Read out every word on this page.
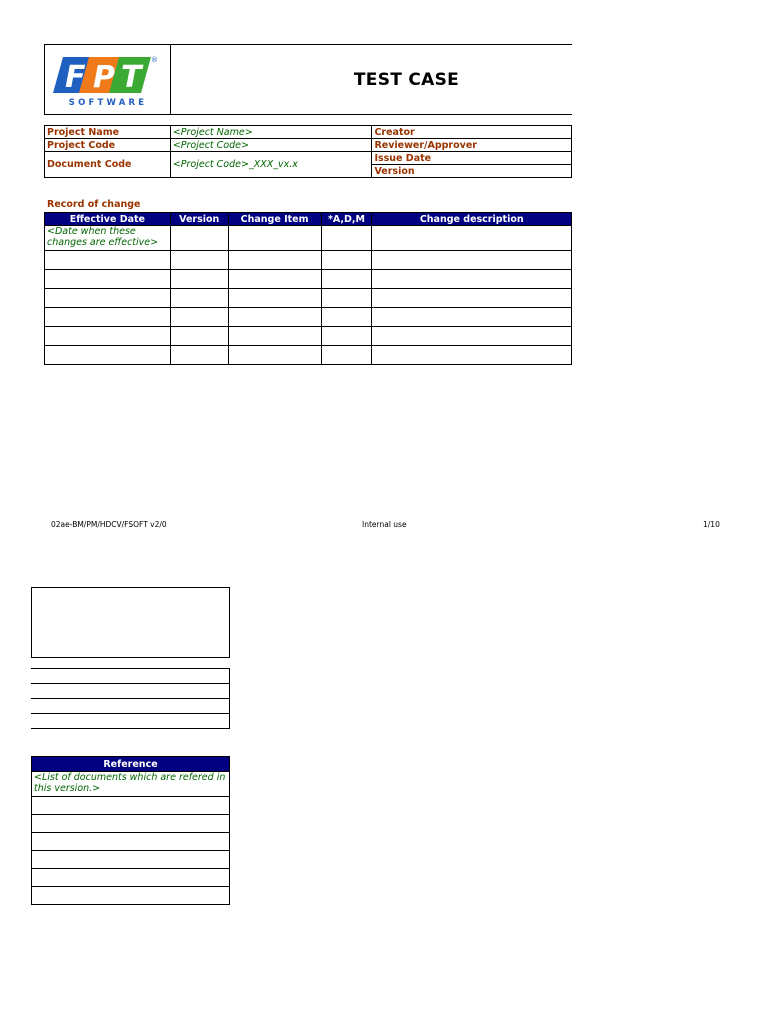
F P T	®
SOFTWARE
TEST CASE
Project Name	<Project Name>	Creator
Project Code	<Project Code>	Reviewer/Approver
Document Code	<Project Code>_XXX_vx.x	Issue Date
		Version
Record of change
Effective Date	Version	Change Item	*A,D,M	Change description
<Date when these changes are effective>				

02ae-BM/PM/HDCV/FSOFT v2/0	Internal use	1/10

Reference
<List of documents which are refered in this version.>
